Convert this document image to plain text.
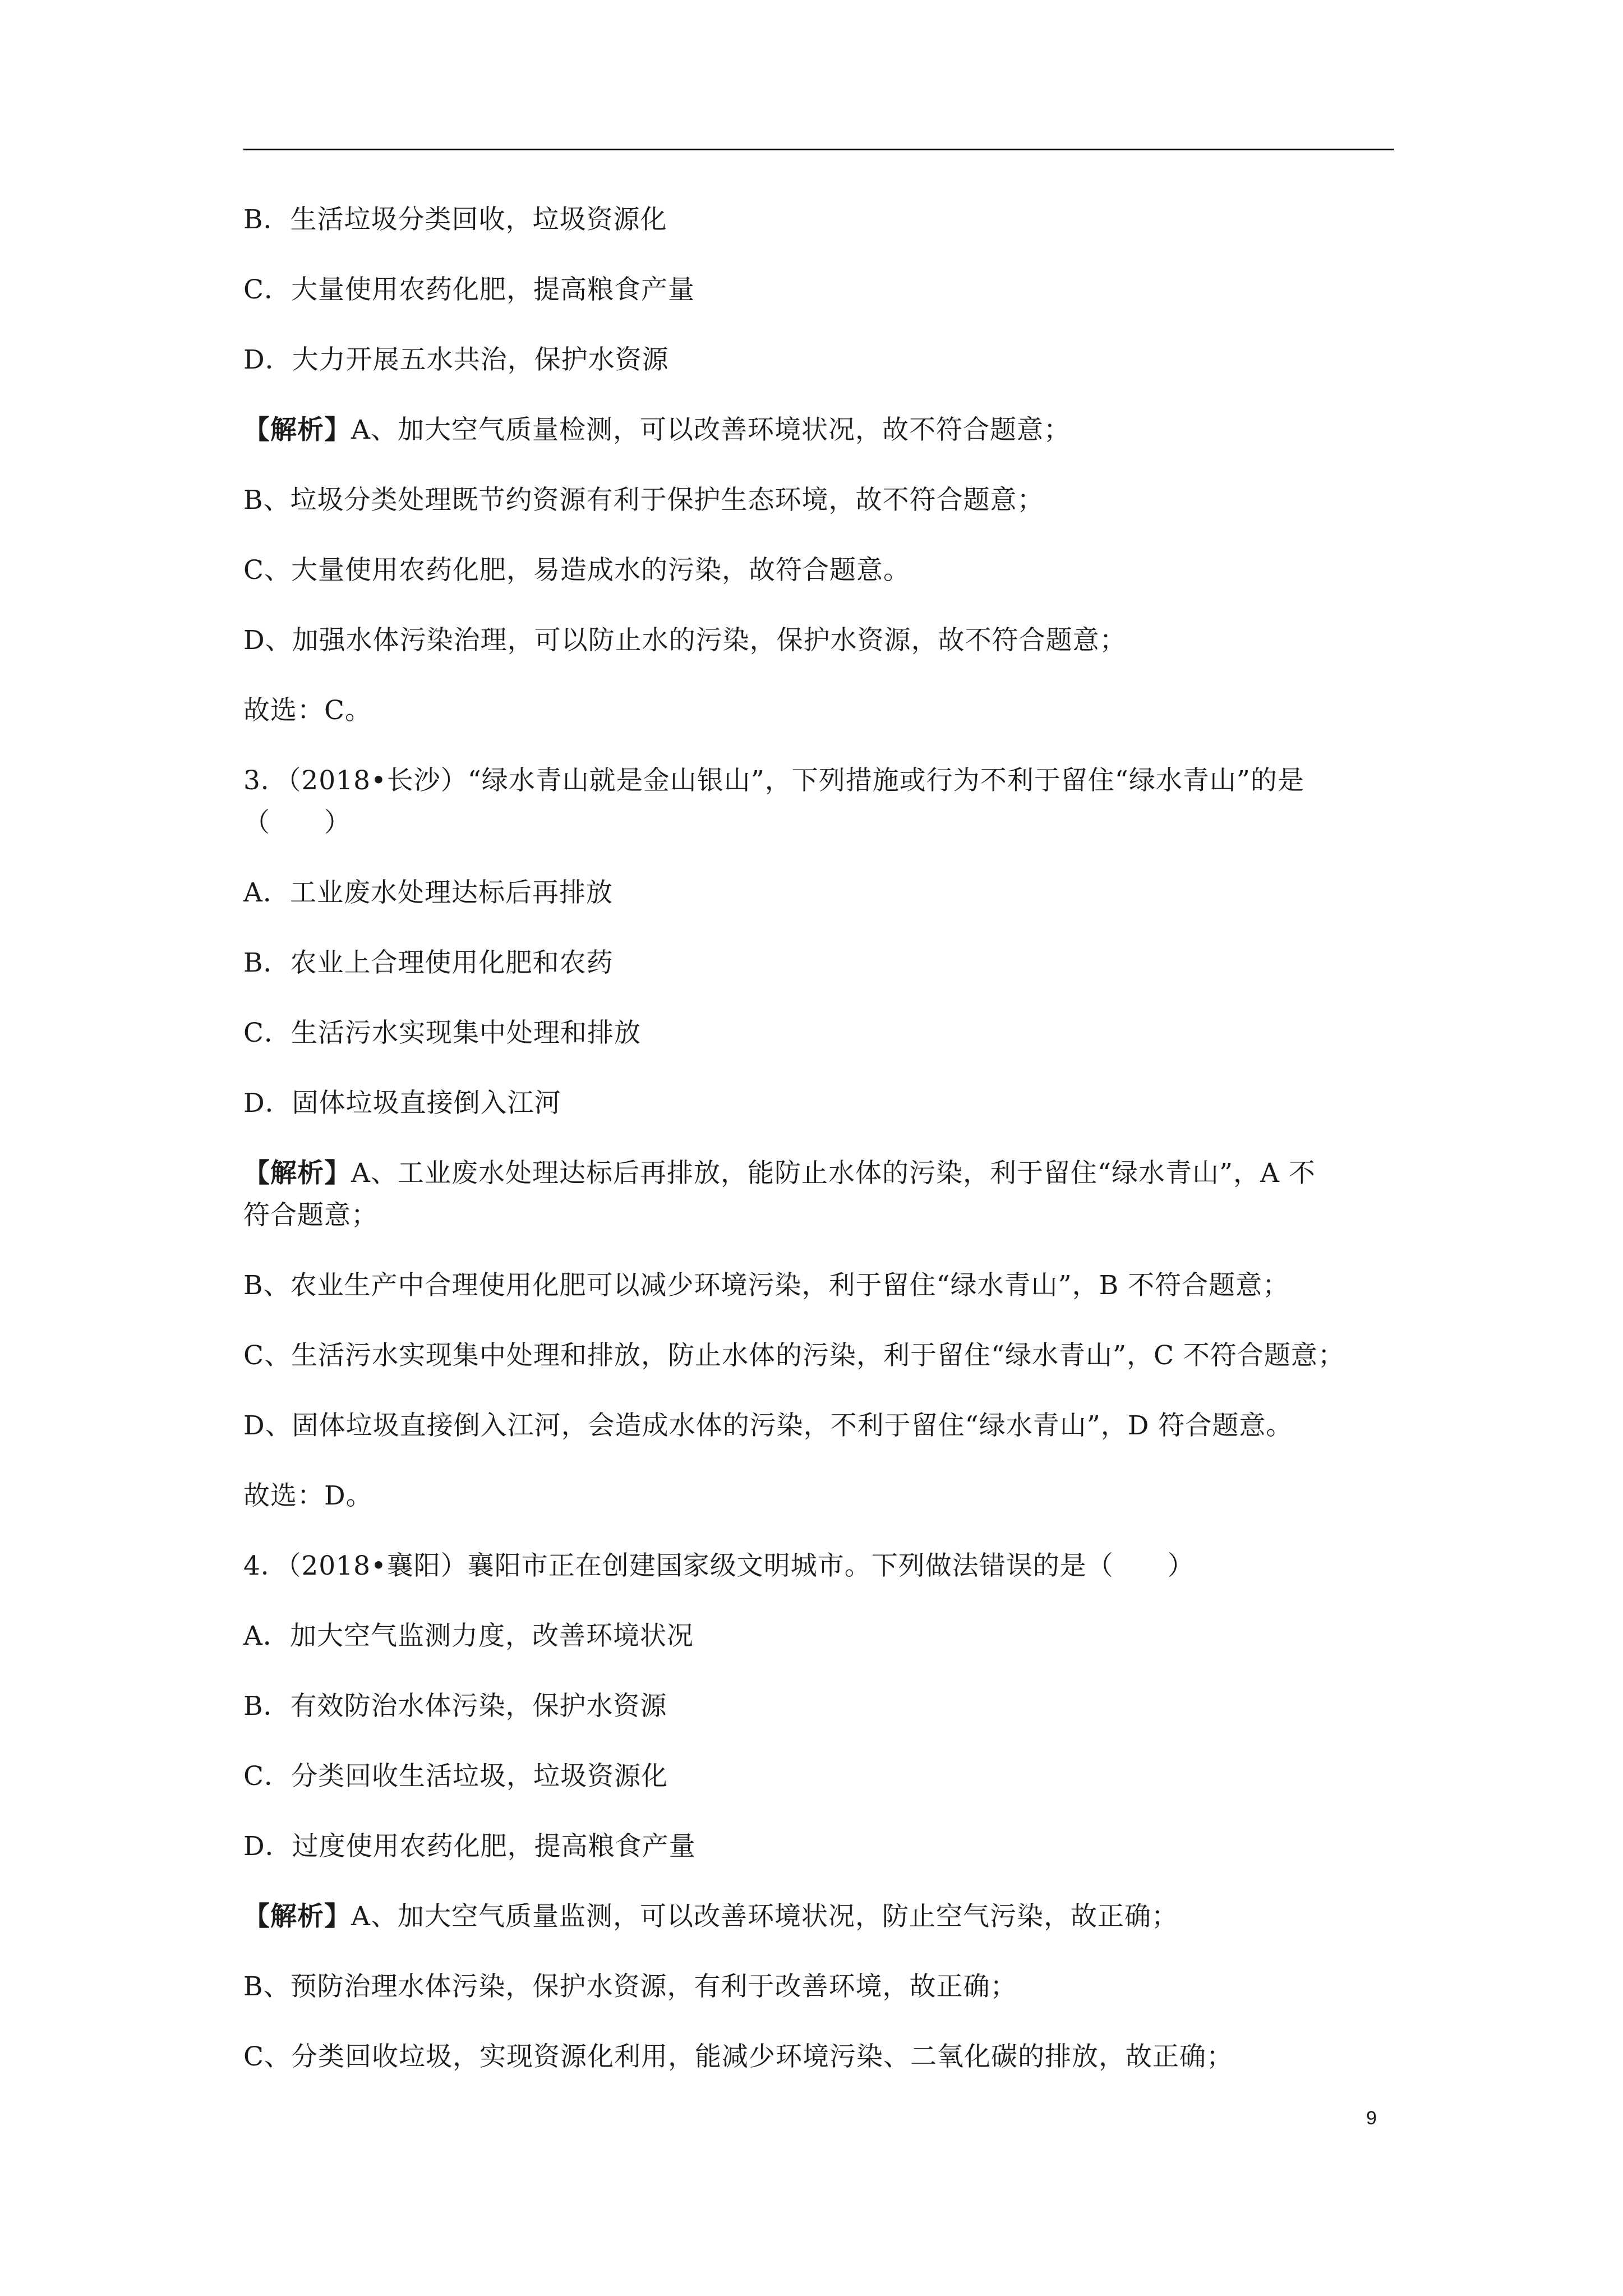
B．生活垃圾分类回收，垃圾资源化
C．大量使用农药化肥，提高粮食产量
D．大力开展五水共治，保护水资源
【解析】A、加大空气质量检测，可以改善环境状况，故不符合题意；
B、垃圾分类处理既节约资源有利于保护生态环境，故不符合题意；
C、大量使用农药化肥，易造成水的污染，故符合题意。
D、加强水体污染治理，可以防止水的污染，保护水资源，故不符合题意；
故选：C。
3．（2018•长沙）“绿水青山就是金山银山”，下列措施或行为不利于留住“绿水青山”的是
（　　）
A．工业废水处理达标后再排放
B．农业上合理使用化肥和农药
C．生活污水实现集中处理和排放
D．固体垃圾直接倒入江河
【解析】A、工业废水处理达标后再排放，能防止水体的污染，利于留住“绿水青山”，A 不
符合题意；
B、农业生产中合理使用化肥可以减少环境污染，利于留住“绿水青山”，B 不符合题意；
C、生活污水实现集中处理和排放，防止水体的污染，利于留住“绿水青山”，C 不符合题意；
D、固体垃圾直接倒入江河，会造成水体的污染，不利于留住“绿水青山”，D 符合题意。
故选：D。
4．（2018•襄阳）襄阳市正在创建国家级文明城市。下列做法错误的是（　　）
A．加大空气监测力度，改善环境状况
B．有效防治水体污染，保护水资源
C．分类回收生活垃圾，垃圾资源化
D．过度使用农药化肥，提高粮食产量
【解析】A、加大空气质量监测，可以改善环境状况，防止空气污染，故正确；
B、预防治理水体污染，保护水资源，有利于改善环境，故正确；
C、分类回收垃圾，实现资源化利用，能减少环境污染、二氧化碳的排放，故正确；
9
